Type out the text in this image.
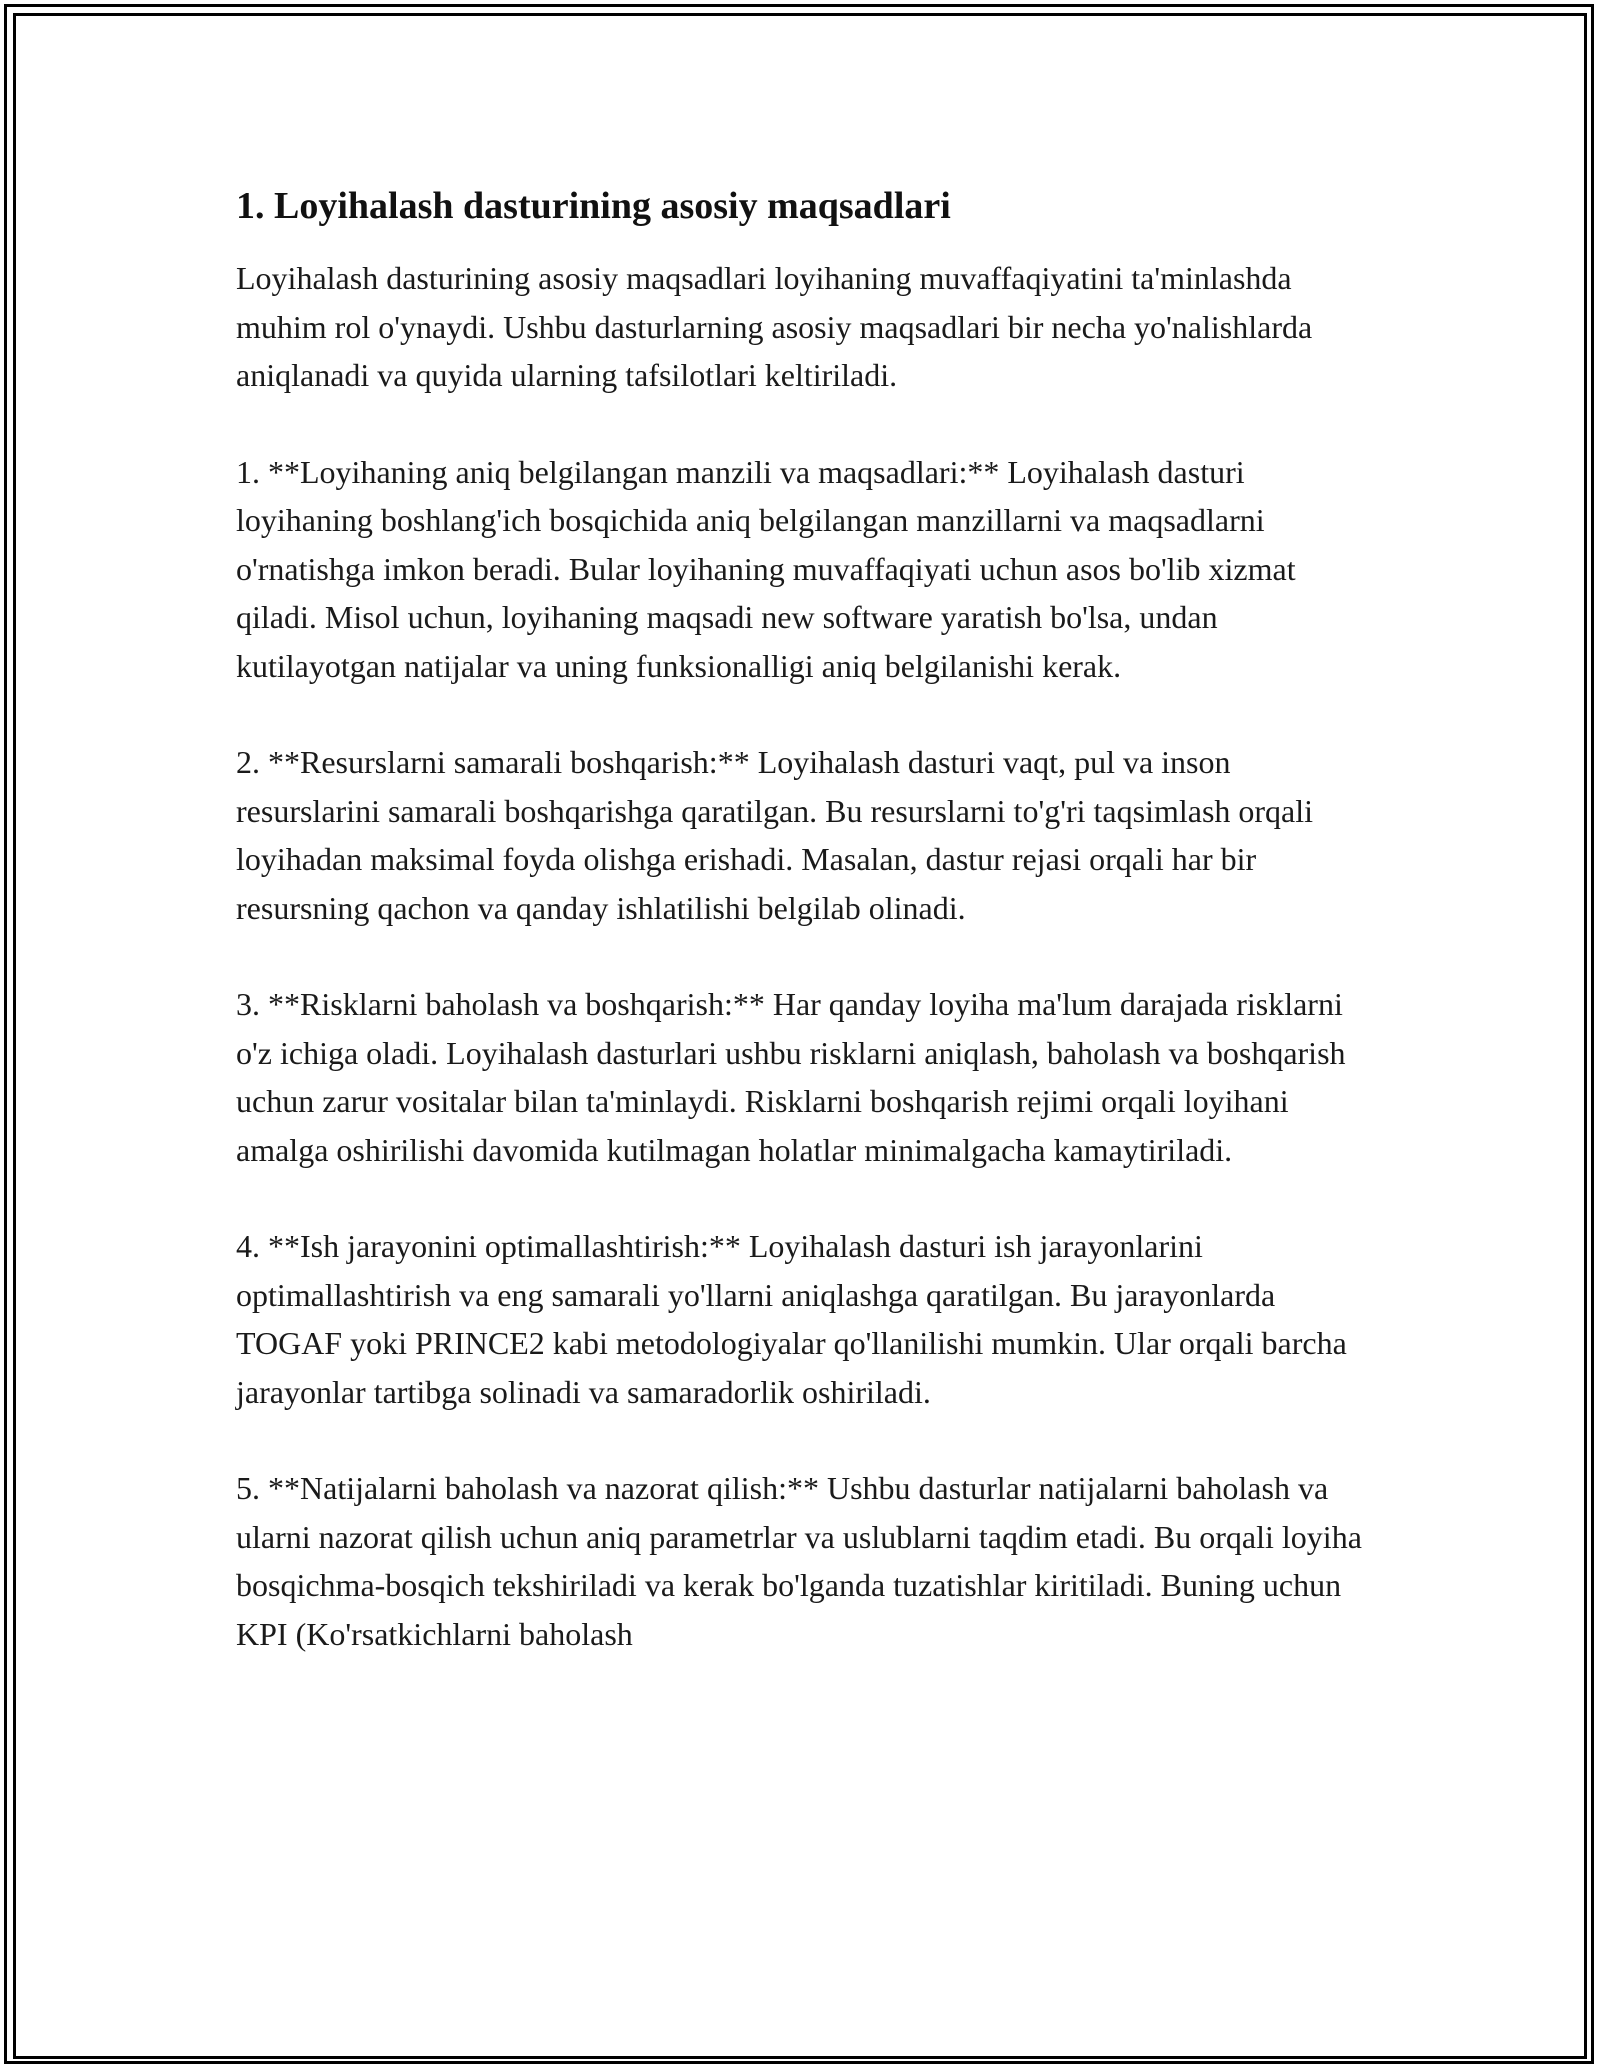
1. Loyihalash dasturining asosiy maqsadlari

Loyihalash dasturining asosiy maqsadlari loyihaning muvaffaqiyatini ta'minlashda muhim rol o'ynaydi. Ushbu dasturlarning asosiy maqsadlari bir necha yo'nalishlarda aniqlanadi va quyida ularning tafsilotlari keltiriladi.

1. **Loyihaning aniq belgilangan manzili va maqsadlari:** Loyihalash dasturi loyihaning boshlang'ich bosqichida aniq belgilangan manzillarni va maqsadlarni o'rnatishga imkon beradi. Bular loyihaning muvaffaqiyati uchun asos bo'lib xizmat qiladi. Misol uchun, loyihaning maqsadi new software yaratish bo'lsa, undan kutilayotgan natijalar va uning funksionalligi aniq belgilanishi kerak.

2. **Resurslarni samarali boshqarish:** Loyihalash dasturi vaqt, pul va inson resurslarini samarali boshqarishga qaratilgan. Bu resurslarni to'g'ri taqsimlash orqali loyihadan maksimal foyda olishga erishadi. Masalan, dastur rejasi orqali har bir resursning qachon va qanday ishlatilishi belgilab olinadi.

3. **Risklarni baholash va boshqarish:** Har qanday loyiha ma'lum darajada risklarni o'z ichiga oladi. Loyihalash dasturlari ushbu risklarni aniqlash, baholash va boshqarish uchun zarur vositalar bilan ta'minlaydi. Risklarni boshqarish rejimi orqali loyihani amalga oshirilishi davomida kutilmagan holatlar minimalgacha kamaytiriladi.

4. **Ish jarayonini optimallashtirish:** Loyihalash dasturi ish jarayonlarini optimallashtirish va eng samarali yo'llarni aniqlashga qaratilgan. Bu jarayonlarda TOGAF yoki PRINCE2 kabi metodologiyalar qo'llanilishi mumkin. Ular orqali barcha jarayonlar tartibga solinadi va samaradorlik oshiriladi.

5. **Natijalarni baholash va nazorat qilish:** Ushbu dasturlar natijalarni baholash va ularni nazorat qilish uchun aniq parametrlar va uslublarni taqdim etadi. Bu orqali loyiha bosqichma-bosqich tekshiriladi va kerak bo'lganda tuzatishlar kiritiladi. Buning uchun KPI (Ko'rsatkichlarni baholash
